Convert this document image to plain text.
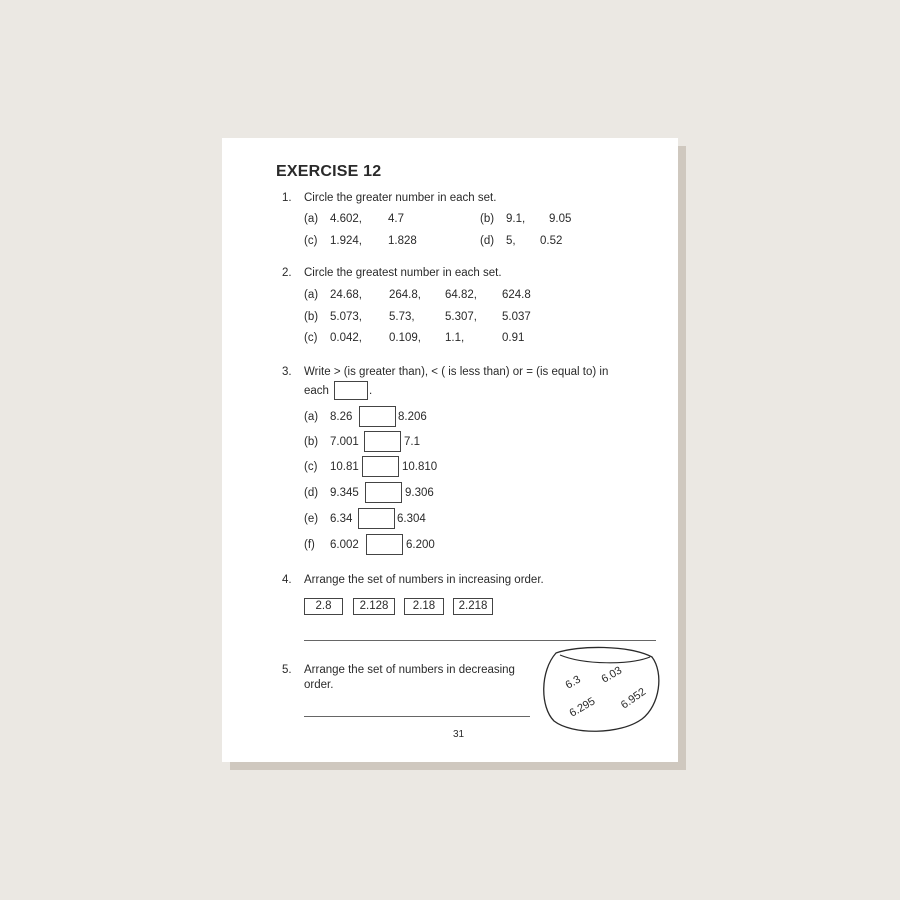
EXERCISE 12
1. Circle the greater number in each set.
(a) 4.602, 4.7	(b) 9.1, 9.05
(c) 1.924, 1.828	(d) 5, 0.52
2. Circle the greatest number in each set.
(a) 24.68, 264.8, 64.82, 624.8
(b) 5.073, 5.73,	5.307, 5.037
(c) 0.042, 0.109, 1.1,	0.91
3. Write > (is greater than), < ( is less than) or = (is equal to) in
each	.
(a) 8.26	8.206
(b) 7.001	7.1
(c) 10.81	10.810
(d) 9.345	9.306
(e) 6.34	6.304
(f) 6.002	6.200
4. Arrange the set of numbers in increasing order.
2.8	2.128	2.18	2.218
5. Arrange the set of numbers in decreasing
order.	6.3 6.03
6.295 6.952
31
